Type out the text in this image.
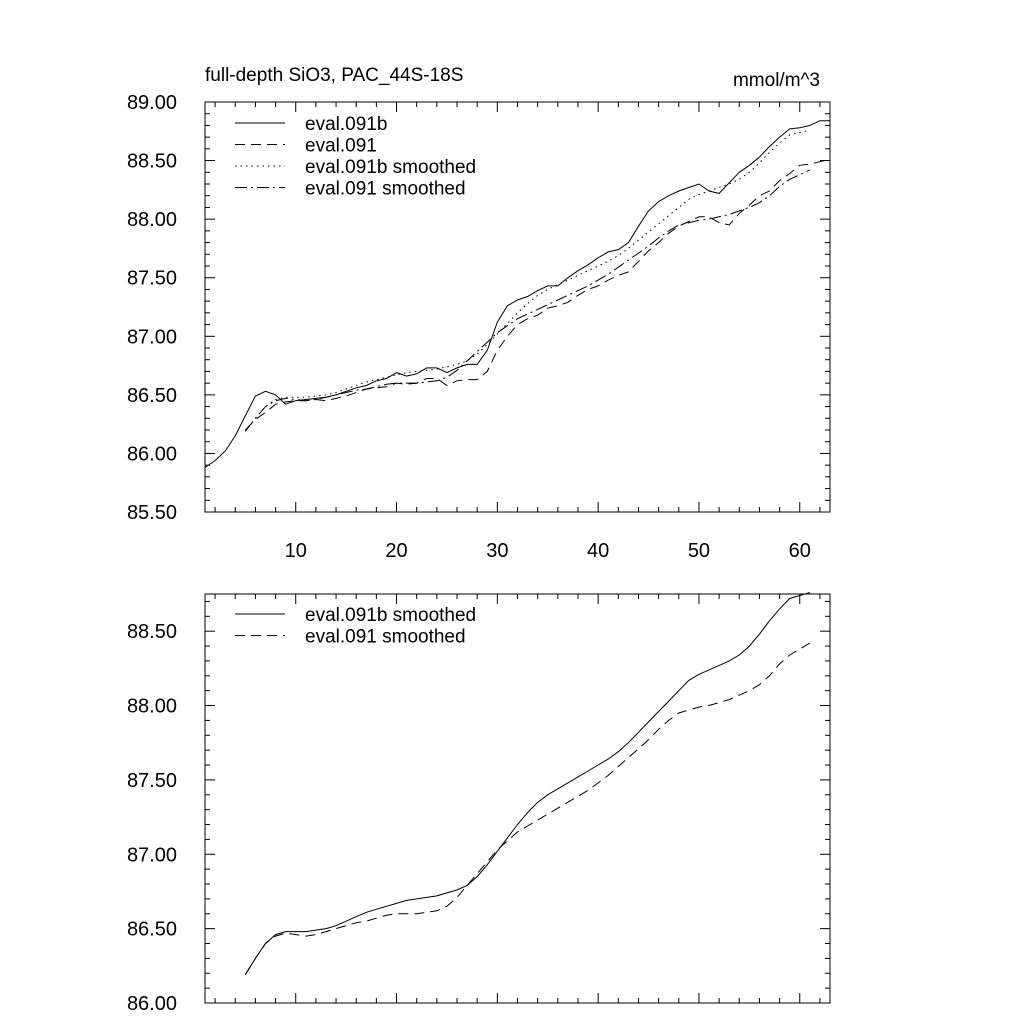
full-depth SiO3, PAC_44S-18S	mmol/m^3
10	20	30	40	50	60
85.50
86.00
86.50
87.00
87.50
88.00
88.50
89.00
eval.091b
eval.091
eval.091b smoothed
eval.091 smoothed
86.00
86.50
87.00
87.50
88.00
88.50
eval.091b smoothed
eval.091 smoothed
